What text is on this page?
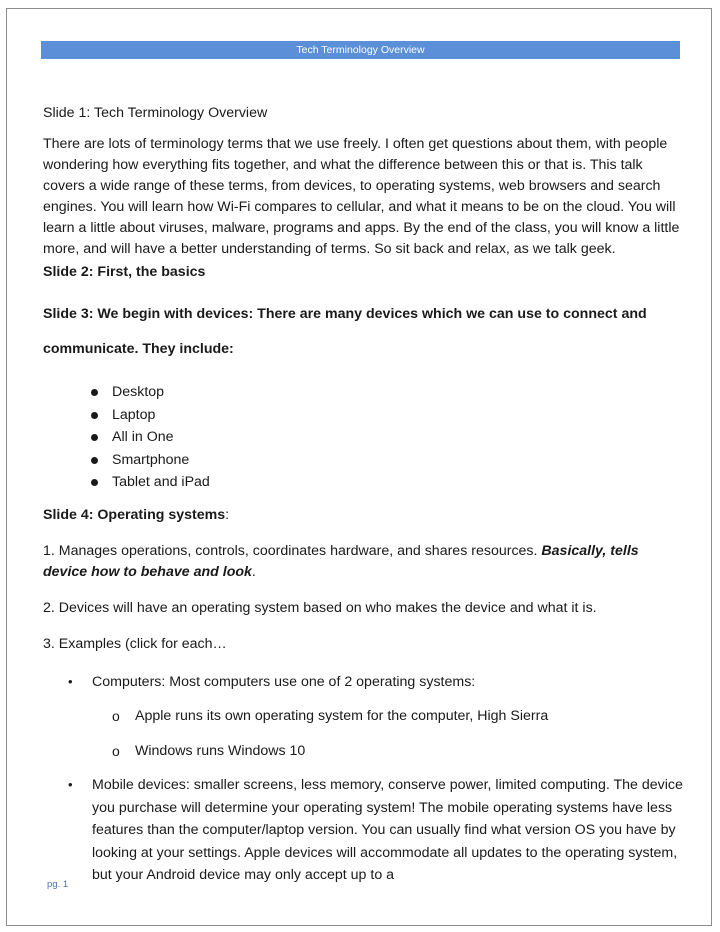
Tech Terminology Overview

Slide 1: Tech Terminology Overview

There are lots of terminology terms that we use freely. I often get questions about them, with people wondering how everything fits together, and what the difference between this or that is. This talk covers a wide range of these terms, from devices, to operating systems, web browsers and search engines. You will learn how Wi-Fi compares to cellular, and what it means to be on the cloud. You will learn a little about viruses, malware, programs and apps. By the end of the class, you will know a little more, and will have a better understanding of terms. So sit back and relax, as we talk geek.

Slide 2: First, the basics

Slide 3: We begin with devices: There are many devices which we can use to connect and communicate. They include:

Desktop
Laptop
All in One
Smartphone
Tablet and iPad

Slide 4: Operating systems:

1. Manages operations, controls, coordinates hardware, and shares resources. Basically, tells device how to behave and look.

2. Devices will have an operating system based on who makes the device and what it is.

3. Examples (click for each…

• Computers: Most computers use one of 2 operating systems:
o Apple runs its own operating system for the computer, High Sierra
o Windows runs Windows 10
• Mobile devices: smaller screens, less memory, conserve power, limited computing. The device you purchase will determine your operating system! The mobile operating systems have less features than the computer/laptop version. You can usually find what version OS you have by looking at your settings. Apple devices will accommodate all updates to the operating system, but your Android device may only accept up to a
pg. 1
